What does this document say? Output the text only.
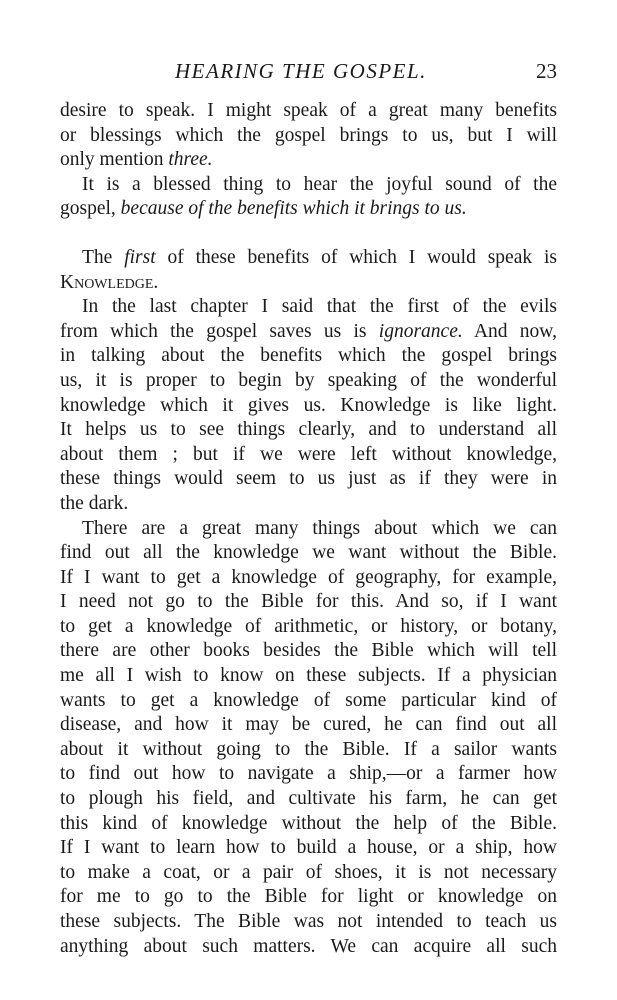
HEARING THE GOSPEL.	23

desire to speak. I might speak of a great many benefits

or blessings which the gospel brings to us, but I will

only mention three.

It is a blessed thing to hear the joyful sound of the

gospel, because of the benefits which it brings to us.

The first of these benefits of which I would speak is

Knowledge.

In the last chapter I said that the first of the evils

from which the gospel saves us is ignorance. And now,

in talking about the benefits which the gospel brings

us, it is proper to begin by speaking of the wonderful

knowledge which it gives us. Knowledge is like light.

It helps us to see things clearly, and to understand all

about them ; but if we were left without knowledge,

these things would seem to us just as if they were in

the dark.

There are a great many things about which we can

find out all the knowledge we want without the Bible.

If I want to get a knowledge of geography, for example,

I need not go to the Bible for this. And so, if I want

to get a knowledge of arithmetic, or history, or botany,

there are other books besides the Bible which will tell

me all I wish to know on these subjects. If a physician

wants to get a knowledge of some particular kind of

disease, and how it may be cured, he can find out all

about it without going to the Bible. If a sailor wants

to find out how to navigate a ship,—or a farmer how

to plough his field, and cultivate his farm, he can get

this kind of knowledge without the help of the Bible.

If I want to learn how to build a house, or a ship, how

to make a coat, or a pair of shoes, it is not necessary

for me to go to the Bible for light or knowledge on

these subjects. The Bible was not intended to teach us

anything about such matters. We can acquire all such
